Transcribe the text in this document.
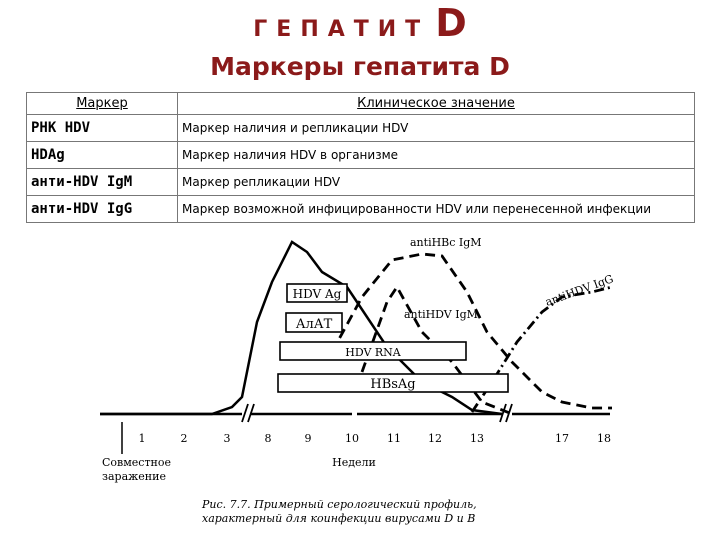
ГЕПАТИТ D
Маркеры гепатита D
Маркер	Клиническое значение
РНК HDV	Маркер наличия и репликации HDV
HDAg	Маркер наличия HDV в организме
анти-HDV IgM	Маркер репликации HDV
анти-HDV IgG	Маркер возможной инфицированности HDV или перенесенной инфекции
antiHBc IgM
antiHDV IgG
antiHDV IgM
HDV Ag
АлАТ
HDV RNA
HBsAg
1	2	3	8	9	10	11 12	13	17	18
Недели
Совместное
заражение
Рис. 7.7. Примерный серологический профиль,
характерный для коинфекции вирусами D и B
